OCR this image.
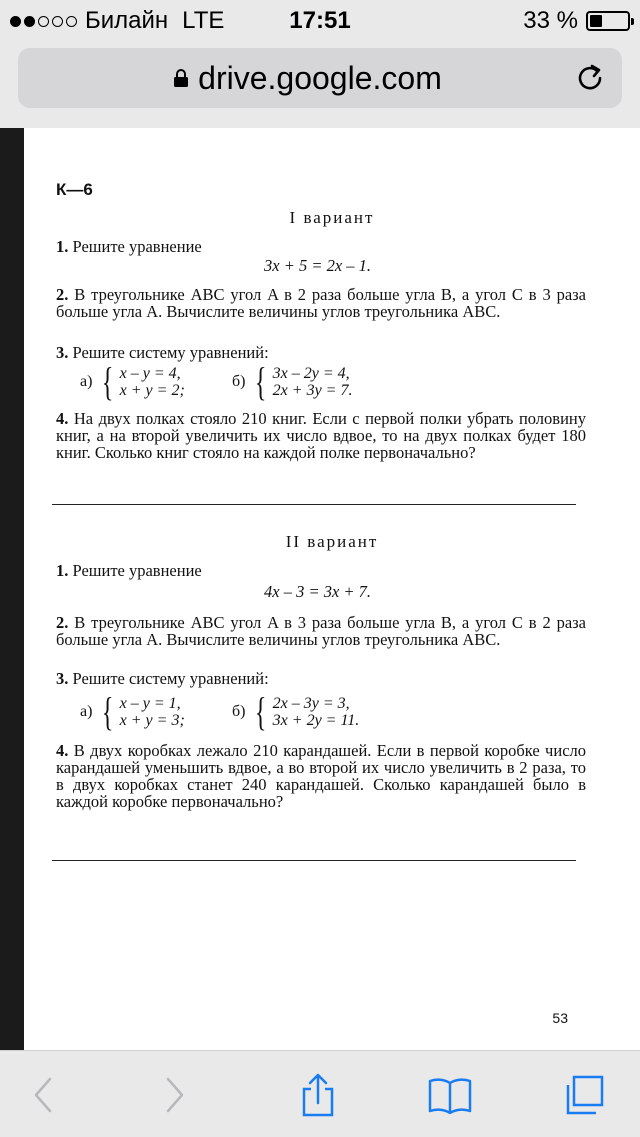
Билайн LTE	17:51	33 %
drive.google.com
К—6
I вариант
1. Решите уравнение
3x + 5 = 2x – 1.
2. В треугольнике ABC угол A в 2 раза больше угла B, а угол C в 3 раза больше угла A. Вычислите величины углов треугольника ABC.
3. Решите систему уравнений:
а) { x – y = 4,
x + y = 2;
б) { 3x – 2y = 4,
2x + 3y = 7.
4. На двух полках стояло 210 книг. Если с первой полки убрать половину книг, а на второй увеличить их число вдвое, то на двух полках будет 180 книг. Сколько книг стояло на каждой полке первоначально?
II вариант
1. Решите уравнение
4x – 3 = 3x + 7.
2. В треугольнике ABC угол A в 3 раза больше угла B, а угол C в 2 раза больше угла A. Вычислите величины углов треугольника ABC.
3. Решите систему уравнений:
а) { x – y = 1,
x + y = 3;
б) { 2x – 3y = 3,
3x + 2y = 11.
4. В двух коробках лежало 210 карандашей. Если в первой коробке число карандашей уменьшить вдвое, а во второй их число увеличить в 2 раза, то в двух коробках станет 240 карандашей. Сколько карандашей было в каждой коробке первоначально?
53
